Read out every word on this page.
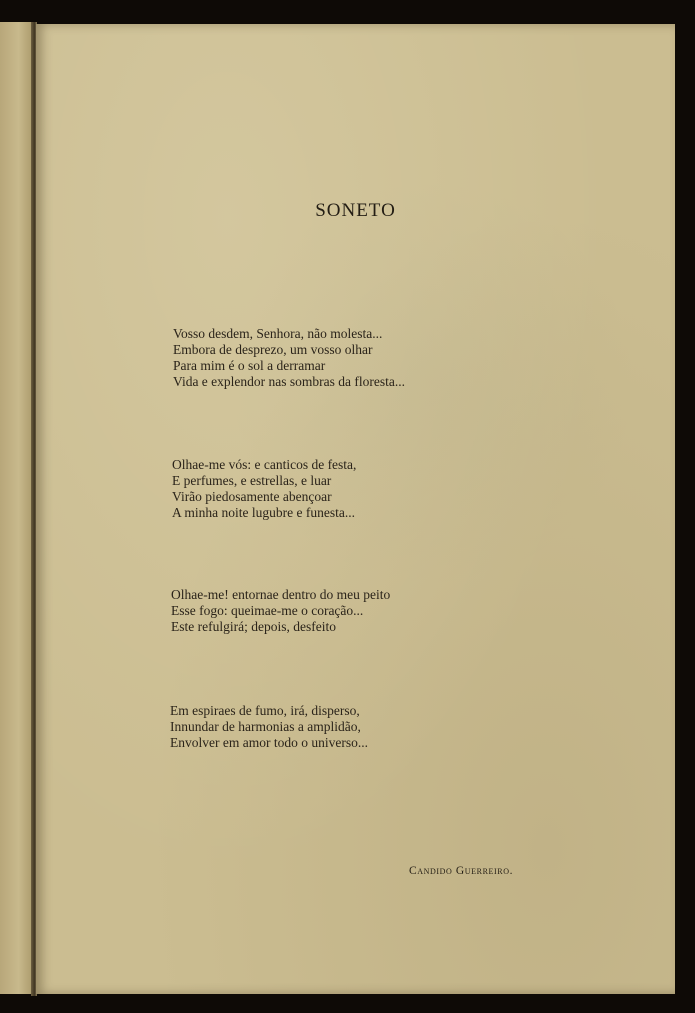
SONETO
Vosso desdem, Senhora, não molesta...
Embora de desprezo, um vosso olhar
Para mim é o sol a derramar
Vida e explendor nas sombras da floresta...
Olhae-me vós: e canticos de festa,
E perfumes, e estrellas, e luar
Virão piedosamente abençoar
A minha noite lugubre e funesta...
Olhae-me! entornae dentro do meu peito
Esse fogo: queimae-me o coração...
Este refulgirá; depois, desfeito
Em espiraes de fumo, irá, disperso,
Innundar de harmonias a amplidão,
Envolver em amor todo o universo...
Candido Guerreiro.
